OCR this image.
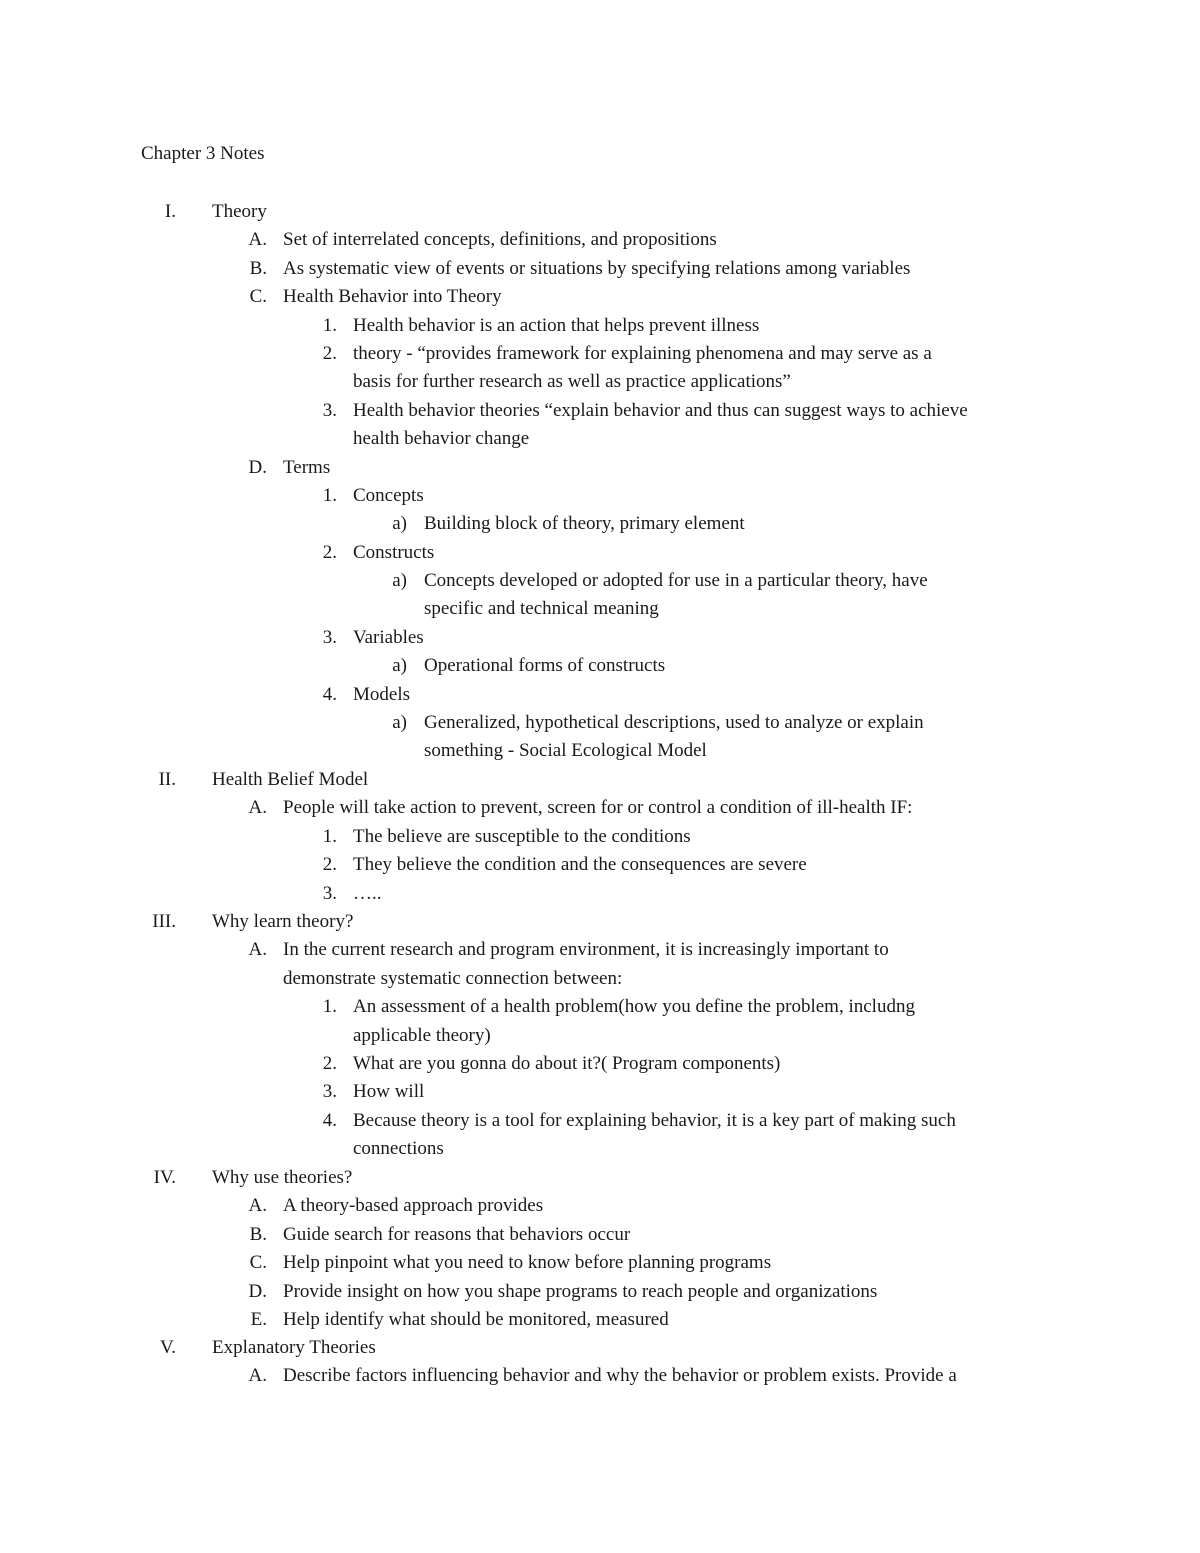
Chapter 3 Notes
I. Theory
A. Set of interrelated concepts, definitions, and propositions
B. As systematic view of events or situations by specifying relations among variables
C. Health Behavior into Theory
1. Health behavior is an action that helps prevent illness
2. theory - “provides framework for explaining phenomena and may serve as a
basis for further research as well as practice applications”
3. Health behavior theories “explain behavior and thus can suggest ways to achieve
health behavior change
D. Terms
1. Concepts
a) Building block of theory, primary element
2. Constructs
a) Concepts developed or adopted for use in a particular theory, have
specific and technical meaning
3. Variables
a) Operational forms of constructs
4. Models
a) Generalized, hypothetical descriptions, used to analyze or explain
something - Social Ecological Model
II. Health Belief Model
A. People will take action to prevent, screen for or control a condition of ill-health IF:
1. The believe are susceptible to the conditions
2. They believe the condition and the consequences are severe
3. …..
III. Why learn theory?
A. In the current research and program environment, it is increasingly important to
demonstrate systematic connection between:
1. An assessment of a health problem(how you define the problem, includng
applicable theory)
2. What are you gonna do about it?( Program components)
3. How will
4. Because theory is a tool for explaining behavior, it is a key part of making such
connections
IV. Why use theories?
A. A theory-based approach provides
B. Guide search for reasons that behaviors occur
C. Help pinpoint what you need to know before planning programs
D. Provide insight on how you shape programs to reach people and organizations
E. Help identify what should be monitored, measured
V. Explanatory Theories
A. Describe factors influencing behavior and why the behavior or problem exists. Provide a
